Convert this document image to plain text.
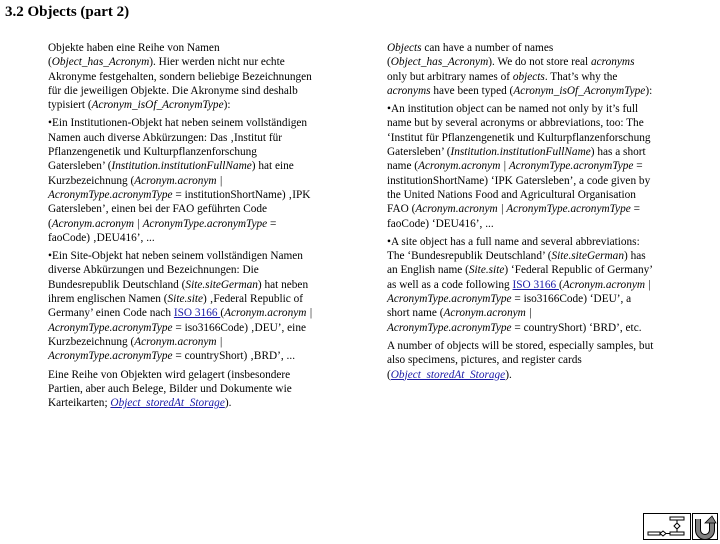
3.2 Objects (part 2)
Objekte haben eine Reihe von Namen
(Object_has_Acronym). Hier werden nicht nur echte
Akronyme festgehalten, sondern beliebige Bezeichnungen
für die jeweiligen Objekte. Die Akronyme sind deshalb
typisiert (Acronym_isOf_AcronymType):
•Ein Institutionen-Objekt hat neben seinem vollständigen
Namen auch diverse Abkürzungen: Das ‚Institut für
Pflanzengenetik und Kulturpflanzenforschung
Gatersleben’ (Institution.institutionFullName) hat eine
Kurzbezeichnung (Acronym.acronym |
AcronymType.acronymType = institutionShortName) ‚IPK
Gatersleben’, einen bei der FAO geführten Code
(Acronym.acronym | AcronymType.acronymType =
faoCode) ‚DEU416’, ...
•Ein Site-Objekt hat neben seinem vollständigen Namen
diverse Abkürzungen und Bezeichnungen: Die
Bundesrepublik Deutschland (Site.siteGerman) hat neben
ihrem englischen Namen (Site.site) ‚Federal Republic of
Germany’ einen Code nach ISO 3166 (Acronym.acronym |
AcronymType.acronymType = iso3166Code) ‚DEU’, eine
Kurzbezeichnung (Acronym.acronym |
AcronymType.acronymType = countryShort) ‚BRD’, ...
Eine Reihe von Objekten wird gelagert (insbesondere
Partien, aber auch Belege, Bilder und Dokumente wie
Karteikarten; Object_storedAt_Storage).
Objects can have a number of names
(Object_has_Acronym). We do not store real acronyms
only but arbitrary names of objects. That’s why the
acronyms have been typed (Acronym_isOf_AcronymType):
•An institution object can be named not only by it’s full
name but by several acronyms or abbreviations, too: The
‘Institut für Pflanzengenetik und Kulturpflanzenforschung
Gatersleben’ (Institution.institutionFullName) has a short
name (Acronym.acronym | AcronymType.acronymType =
institutionShortName) ‘IPK Gatersleben’, a code given by
the United Nations Food and Agricultural Organisation
FAO (Acronym.acronym | AcronymType.acronymType =
faoCode) ‘DEU416’, ...
•A site object has a full name and several abbreviations:
The ‘Bundesrepublik Deutschland’ (Site.siteGerman) has
an English name (Site.site) ‘Federal Republic of Germany’
as well as a code following ISO 3166 (Acronym.acronym |
AcronymType.acronymType = iso3166Code) ‘DEU’, a
short name (Acronym.acronym |
AcronymType.acronymType = countryShort) ‘BRD’, etc.
A number of objects will be stored, especially samples, but
also specimens, pictures, and register cards
(Object_storedAt_Storage).
